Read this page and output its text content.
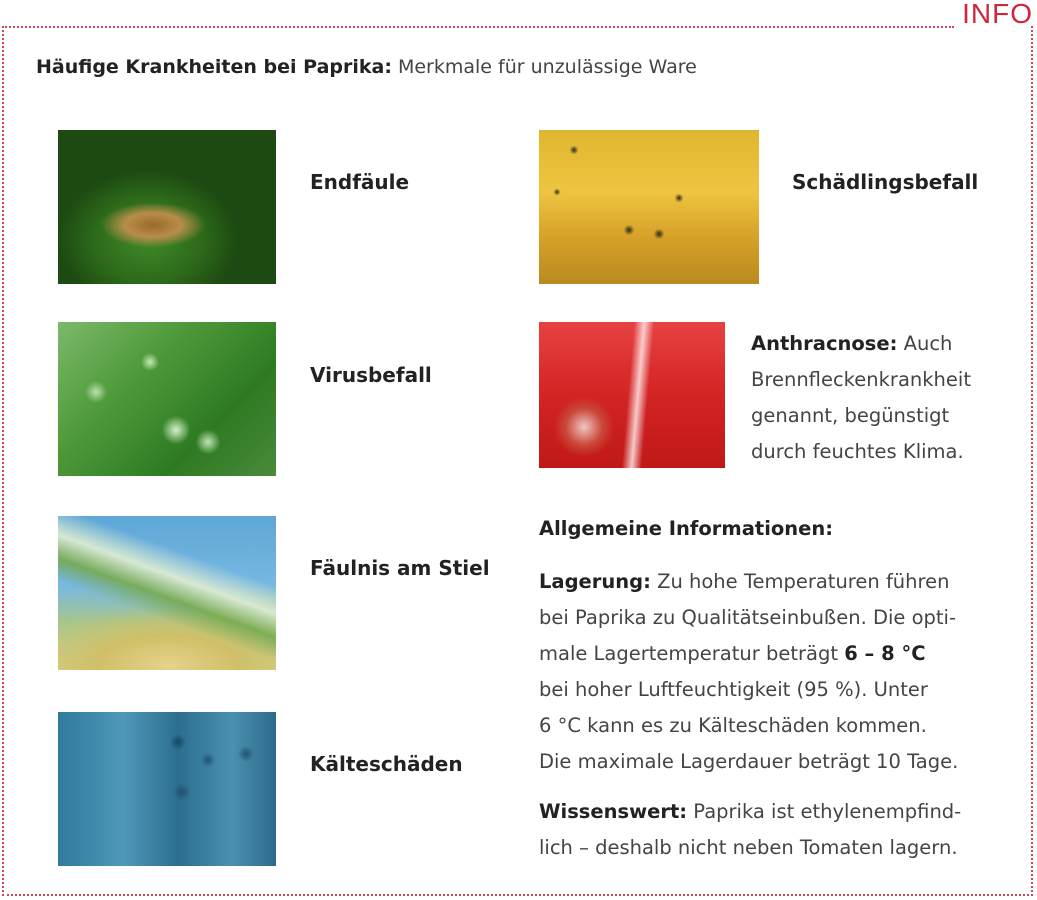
INFO
Häufige Krankheiten bei Paprika: Merkmale für unzulässige Ware
Endfäule
Virusbefall
Fäulnis am Stiel
Kälteschäden
Schädlingsbefall
Anthracnose: Auch
Brennfleckenkrankheit
genannt, begünstigt
durch feuchtes Klima.
Allgemeine Informationen:
Lagerung: Zu hohe Temperaturen führen
bei Paprika zu Qualitätseinbußen. Die opti-
male Lagertemperatur beträgt 6 – 8 °C
bei hoher Luftfeuchtigkeit (95 %). Unter
6 °C kann es zu Kälteschäden kommen.
Die maximale Lagerdauer beträgt 10 Tage.
Wissenswert: Paprika ist ethylenempfind-
lich – deshalb nicht neben Tomaten lagern.
